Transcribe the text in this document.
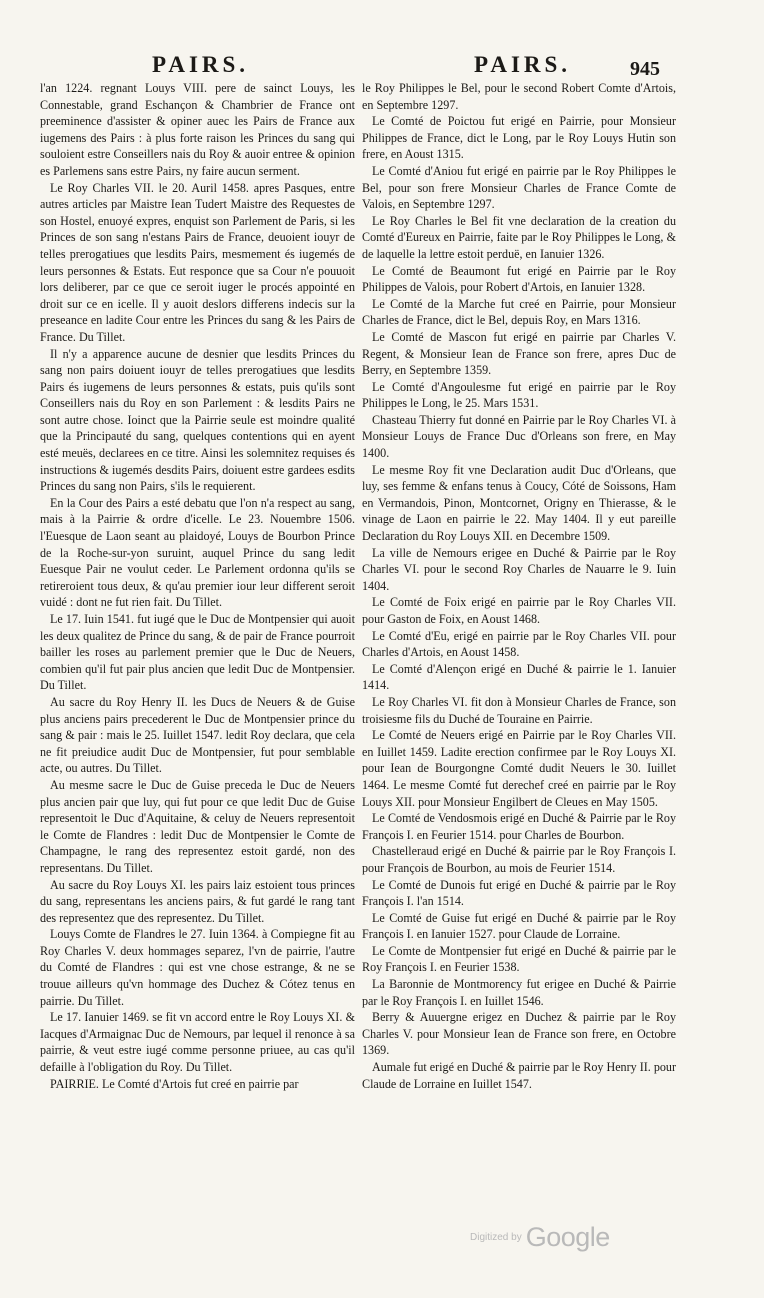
PAIRS.	PAIRS.	945

l'an 1224. regnant Louys VIII. pere de sainct Louys, les Connestable, grand Eschançon & Chambrier de France ont preeminence d'assister & opiner auec les Pairs de France aux iugemens des Pairs : à plus forte raison les Princes du sang qui souloient estre Conseillers nais du Roy & auoir entree & opinion es Parlemens sans estre Pairs, ny faire aucun serment.

Le Roy Charles VII. le 20. Auril 1458. apres Pasques, entre autres articles par Maistre Iean Tudert Maistre des Requestes de son Hostel, enuoyé expres, enquist son Parlement de Paris, si les Princes de son sang n'estans Pairs de France, deuoient iouyr de telles prerogatiues que lesdits Pairs, mesmement és iugemés de leurs personnes & Estats. Eut responce que sa Cour n'e pouuoit lors deliberer, par ce que ce seroit iuger le procés appointé en droit sur ce en icelle. Il y auoit deslors differens indecis sur la preseance en ladite Cour entre les Princes du sang & les Pairs de France. Du Tillet.

Il n'y a apparence aucune de desnier que lesdits Princes du sang non pairs doiuent iouyr de telles prerogatiues que lesdits Pairs és iugemens de leurs personnes & estats, puis qu'ils sont Conseillers nais du Roy en son Parlement : & lesdits Pairs ne sont autre chose. Ioinct que la Pairrie seule est moindre qualité que la Principauté du sang, quelques contentions qui en ayent esté meuës, declarees en ce titre. Ainsi les solemnitez requises és instructions & iugemés desdits Pairs, doiuent estre gardees esdits Princes du sang non Pairs, s'ils le requierent.

En la Cour des Pairs a esté debatu que l'on n'a respect au sang, mais à la Pairrie & ordre d'icelle. Le 23. Nouembre 1506. l'Euesque de Laon seant au plaidoyé, Louys de Bourbon Prince de la Roche-sur-yon suruint, auquel Prince du sang ledit Euesque Pair ne voulut ceder. Le Parlement ordonna qu'ils se retireroient tous deux, & qu'au premier iour leur different seroit vuidé : dont ne fut rien fait. Du Tillet.

Le 17. Iuin 1541. fut iugé que le Duc de Montpensier qui auoit les deux qualitez de Prince du sang, & de pair de France pourroit bailler les roses au parlement premier que le Duc de Neuers, combien qu'il fut pair plus ancien que ledit Duc de Montpensier. Du Tillet.

Au sacre du Roy Henry II. les Ducs de Neuers & de Guise plus anciens pairs precederent le Duc de Montpensier prince du sang & pair : mais le 25. Iuillet 1547. ledit Roy declara, que cela ne fit preiudice audit Duc de Montpensier, fut pour semblable acte, ou autres. Du Tillet.

Au mesme sacre le Duc de Guise preceda le Duc de Neuers plus ancien pair que luy, qui fut pour ce que ledit Duc de Guise representoit le Duc d'Aquitaine, & celuy de Neuers representoit le Comte de Flandres : ledit Duc de Montpensier le Comte de Champagne, le rang des representez estoit gardé, non des representans. Du Tillet.

Au sacre du Roy Louys XI. les pairs laiz estoient tous princes du sang, representans les anciens pairs, & fut gardé le rang tant des representez que des representez. Du Tillet.

Louys Comte de Flandres le 27. Iuin 1364. à Compiegne fit au Roy Charles V. deux hommages separez, l'vn de pairrie, l'autre du Comté de Flandres : qui est vne chose estrange, & ne se trouue ailleurs qu'vn hommage des Duchez & Cótez tenus en pairrie. Du Tillet.

Le 17. Ianuier 1469. se fit vn accord entre le Roy Louys XI. & Iacques d'Armaignac Duc de Nemours, par lequel il renonce à sa pairrie, & veut estre iugé comme personne priuee, au cas qu'il defaille à l'obligation du Roy. Du Tillet.

PAIRRIE. Le Comté d'Artois fut creé en pairrie par

le Roy Philippes le Bel, pour le second Robert Comte d'Artois, en Septembre 1297.

Le Comté de Poictou fut erigé en Pairrie, pour Monsieur Philippes de France, dict le Long, par le Roy Louys Hutin son frere, en Aoust 1315.

Le Comté d'Aniou fut erigé en pairrie par le Roy Philippes le Bel, pour son frere Monsieur Charles de France Comte de Valois, en Septembre 1297.

Le Roy Charles le Bel fit vne declaration de la creation du Comté d'Eureux en Pairrie, faite par le Roy Philippes le Long, & de laquelle la lettre estoit perduë, en Ianuier 1326.

Le Comté de Beaumont fut erigé en Pairrie par le Roy Philippes de Valois, pour Robert d'Artois, en Ianuier 1328.

Le Comté de la Marche fut creé en Pairrie, pour Monsieur Charles de France, dict le Bel, depuis Roy, en Mars 1316.

Le Comté de Mascon fut erigé en pairrie par Charles V. Regent, & Monsieur Iean de France son frere, apres Duc de Berry, en Septembre 1359.

Le Comté d'Angoulesme fut erigé en pairrie par le Roy Philippes le Long, le 25. Mars 1531.

Chasteau Thierry fut donné en Pairrie par le Roy Charles VI. à Monsieur Louys de France Duc d'Orleans son frere, en May 1400.

Le mesme Roy fit vne Declaration audit Duc d'Orleans, que luy, ses femme & enfans tenus à Coucy, Cóté de Soissons, Ham en Vermandois, Pinon, Montcornet, Origny en Thierasse, & le vinage de Laon en pairrie le 22. May 1404. Il y eut pareille Declaration du Roy Louys XII. en Decembre 1509.

La ville de Nemours erigee en Duché & Pairrie par le Roy Charles VI. pour le second Roy Charles de Nauarre le 9. Iuin 1404.

Le Comté de Foix erigé en pairrie par le Roy Charles VII. pour Gaston de Foix, en Aoust 1468.

Le Comté d'Eu, erigé en pairrie par le Roy Charles VII. pour Charles d'Artois, en Aoust 1458.

Le Comté d'Alençon erigé en Duché & pairrie le 1. Ianuier 1414.

Le Roy Charles VI. fit don à Monsieur Charles de France, son troisiesme fils du Duché de Touraine en Pairrie.

Le Comté de Neuers erigé en Pairrie par le Roy Charles VII. en Iuillet 1459. Ladite erection confirmee par le Roy Louys XI. pour Iean de Bourgongne Comté dudit Neuers le 30. Iuillet 1464. Le mesme Comté fut derechef creé en pairrie par le Roy Louys XII. pour Monsieur Engilbert de Cleues en May 1505.

Le Comté de Vendosmois erigé en Duché & Pairrie par le Roy François I. en Feurier 1514. pour Charles de Bourbon.

Chastelleraud erigé en Duché & pairrie par le Roy François I. pour François de Bourbon, au mois de Feurier 1514.

Le Comté de Dunois fut erigé en Duché & pairrie par le Roy François I. l'an 1514.

Le Comté de Guise fut erigé en Duché & pairrie par le Roy François I. en Ianuier 1527. pour Claude de Lorraine.

Le Comte de Montpensier fut erigé en Duché & pairrie par le Roy François I. en Feurier 1538.

La Baronnie de Montmorency fut erigee en Duché & Pairrie par le Roy François I. en Iuillet 1546.

Berry & Auuergne erigez en Duchez & pairrie par le Roy Charles V. pour Monsieur Iean de France son frere, en Octobre 1369.

Aumale fut erigé en Duché & pairrie par le Roy Henry II. pour Claude de Lorraine en Iuillet 1547.

$^{Digitized by}$ Google
